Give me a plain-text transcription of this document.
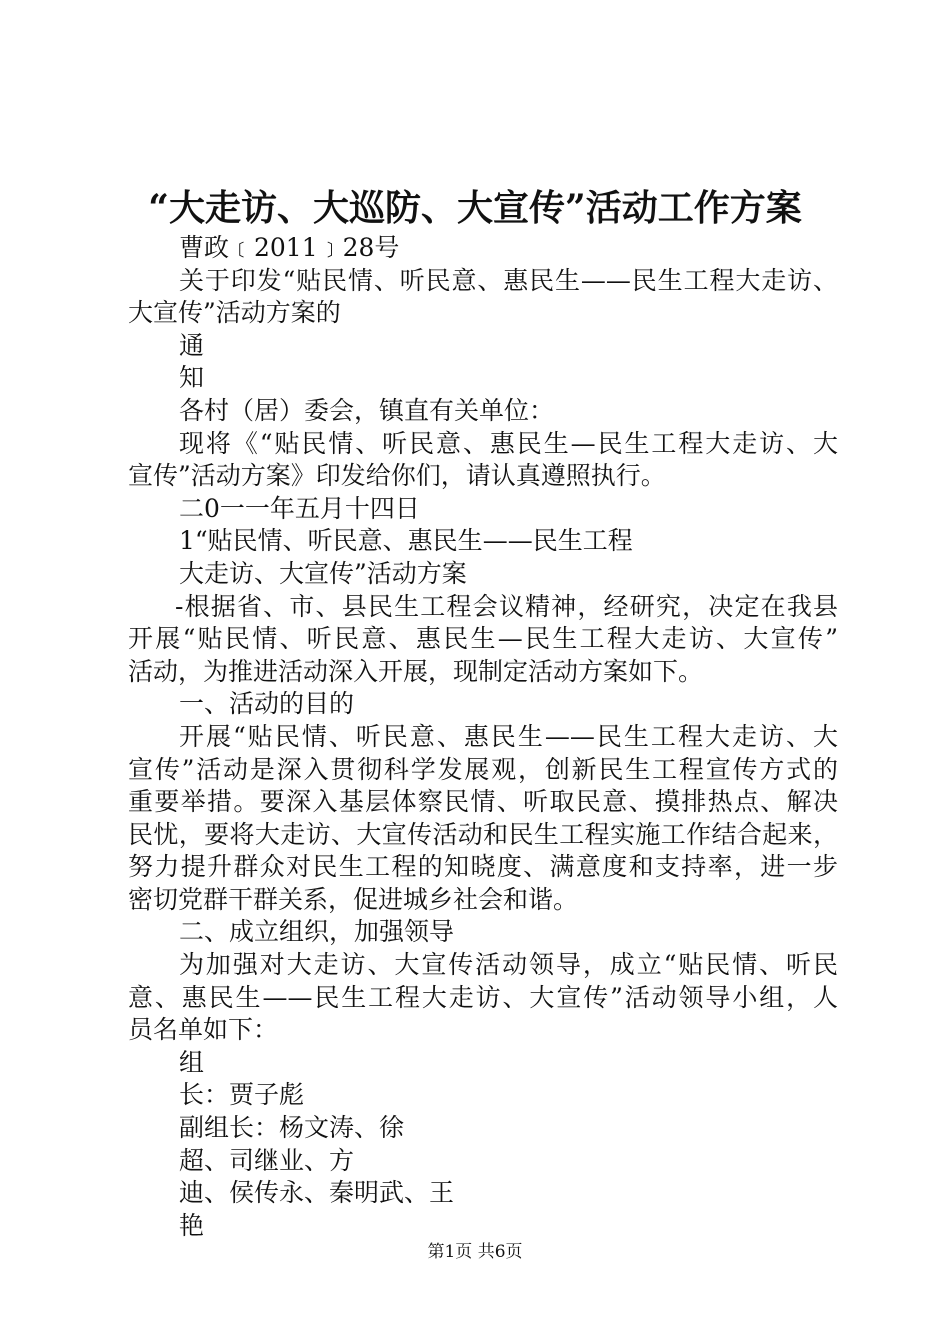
“大走访、大巡防、大宣传”活动工作方案
曹政﹝2011﹞28号
关于印发“贴民情、听民意、惠民生——民生工程大走访、
大宣传”活动方案的
通
知
各村（居）委会，镇直有关单位：
现将《“贴民情、听民意、惠民生—民生工程大走访、大
宣传”活动方案》印发给你们，请认真遵照执行。
二0一一年五月十四日
1“贴民情、听民意、惠民生——民生工程
大走访、大宣传”活动方案
-根据省、市、县民生工程会议精神，经研究，决定在我县
开展“贴民情、听民意、惠民生—民生工程大走访、大宣传”
活动，为推进活动深入开展，现制定活动方案如下。
一、活动的目的
开展“贴民情、听民意、惠民生——民生工程大走访、大
宣传”活动是深入贯彻科学发展观，创新民生工程宣传方式的
重要举措。要深入基层体察民情、听取民意、摸排热点、解决
民忧，要将大走访、大宣传活动和民生工程实施工作结合起来，
努力提升群众对民生工程的知晓度、满意度和支持率，进一步
密切党群干群关系，促进城乡社会和谐。
二、成立组织，加强领导
为加强对大走访、大宣传活动领导，成立“贴民情、听民
意、惠民生——民生工程大走访、大宣传”活动领导小组，人
员名单如下：
组
长：贾子彪
副组长：杨文涛、徐
超、司继业、方
迪、侯传永、秦明武、王
艳
第1页 共6页
